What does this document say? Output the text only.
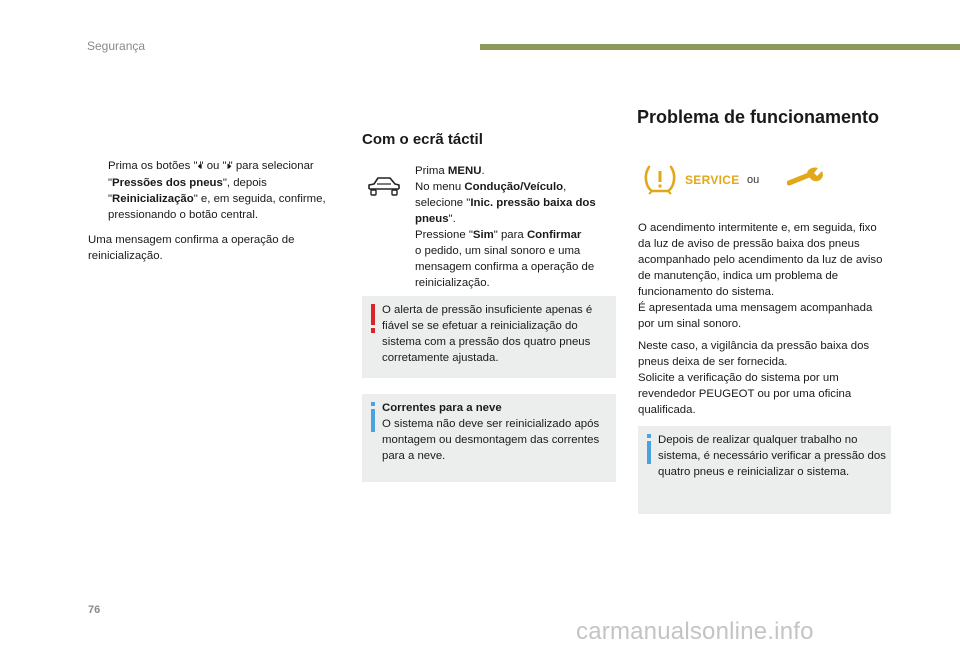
Segurança
Prima os botões "⏴⏴" ou "⏵⏵" para selecionar "Pressões dos pneus", depois "Reinicialização" e, em seguida, confirme, pressionando o botão central.
Uma mensagem confirma a operação de reinicialização.
Com o ecrã táctil
Prima MENU.
No menu Condução/Veículo, selecione "Inic. pressão baixa dos pneus".
Pressione "Sim" para Confirmar
o pedido, um sinal sonoro e uma mensagem confirma a operação de reinicialização.
O alerta de pressão insuficiente apenas é fiável se se efetuar a reinicialização do sistema com a pressão dos quatro pneus corretamente ajustada.
Correntes para a neve
O sistema não deve ser reinicializado após montagem ou desmontagem das correntes para a neve.
Problema de funcionamento
SERVICE ou
O acendimento intermitente e, em seguida, fixo da luz de aviso de pressão baixa dos pneus acompanhado pelo acendimento da luz de aviso de manutenção, indica um problema de funcionamento do sistema.
É apresentada uma mensagem acompanhada por um sinal sonoro.
Neste caso, a vigilância da pressão baixa dos pneus deixa de ser fornecida.
Solicite a verificação do sistema por um revendedor PEUGEOT ou por uma oficina qualificada.
Depois de realizar qualquer trabalho no sistema, é necessário verificar a pressão dos quatro pneus e reinicializar o sistema.
76
carmanualsonline.info
